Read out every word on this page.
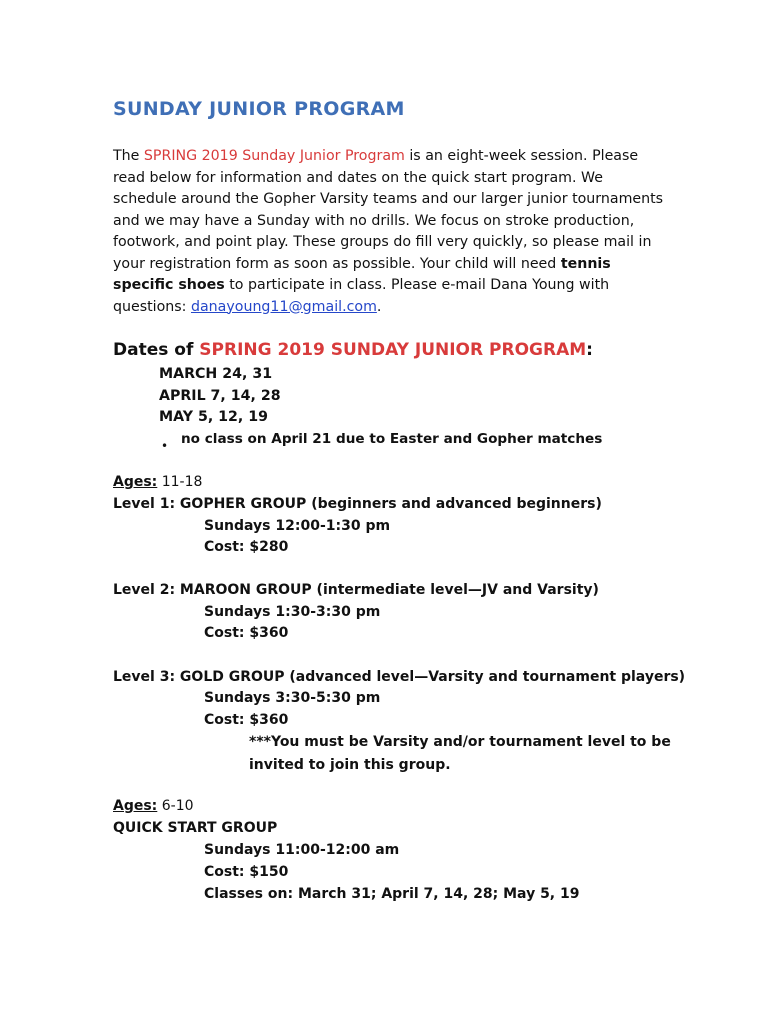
SUNDAY JUNIOR PROGRAM
The SPRING 2019 Sunday Junior Program is an eight-week session. Please
read below for information and dates on the quick start program. We
schedule around the Gopher Varsity teams and our larger junior tournaments
and we may have a Sunday with no drills. We focus on stroke production,
footwork, and point play. These groups do fill very quickly, so please mail in
your registration form as soon as possible. Your child will need tennis
specific shoes to participate in class. Please e-mail Dana Young with
questions: danayoung11@gmail.com.
Dates of SPRING 2019 SUNDAY JUNIOR PROGRAM:
MARCH 24, 31
APRIL 7, 14, 28
MAY 5, 12, 19
• no class on April 21 due to Easter and Gopher matches
Ages: 11-18
Level 1: GOPHER GROUP (beginners and advanced beginners)
Sundays 12:00-1:30 pm
Cost: $280
Level 2: MAROON GROUP (intermediate level—JV and Varsity)
Sundays 1:30-3:30 pm
Cost: $360
Level 3: GOLD GROUP (advanced level—Varsity and tournament players)
Sundays 3:30-5:30 pm
Cost: $360
***You must be Varsity and/or tournament level to be
invited to join this group.
Ages: 6-10
QUICK START GROUP
Sundays 11:00-12:00 am
Cost: $150
Classes on: March 31; April 7, 14, 28; May 5, 19
